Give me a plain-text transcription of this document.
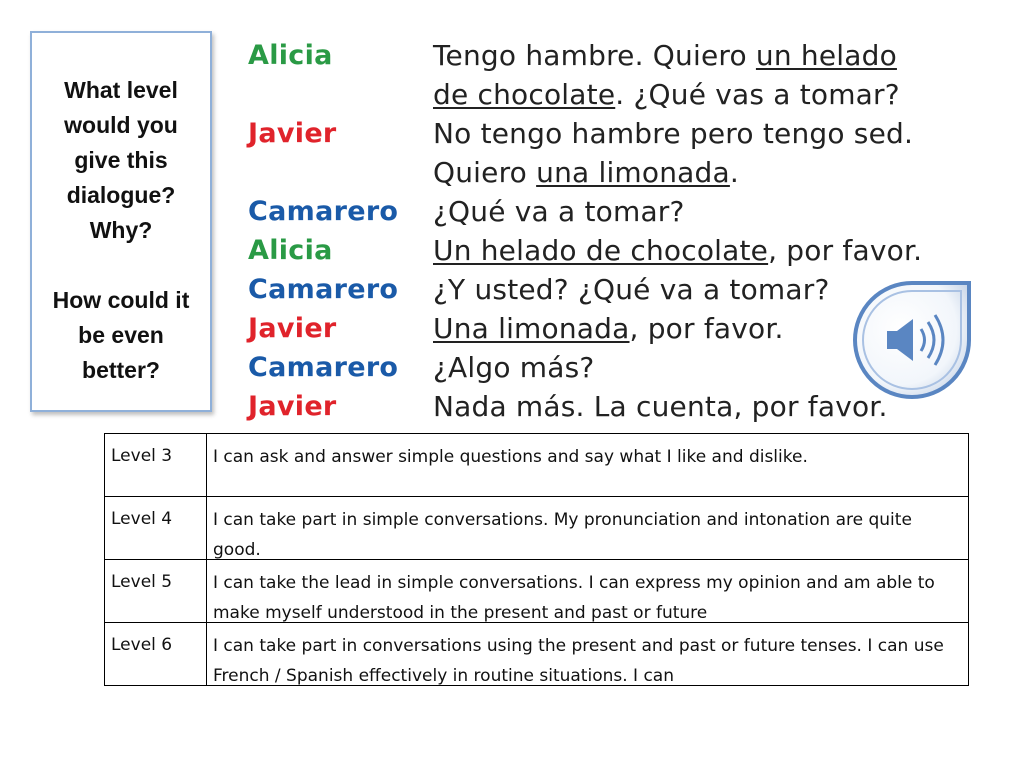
What level

would you

give this

dialogue?

Why?

How could it

be even

better?

Alicia	Tengo hambre. Quiero un helado
de chocolate. ¿Qué vas a tomar?
Javier	No tengo hambre pero tengo sed.
Quiero una limonada.
Camarero ¿Qué va a tomar?
Alicia	Un helado de chocolate, por favor.
Camarero ¿Y usted? ¿Qué va a tomar?
Javier	Una limonada, por favor.
Camarero ¿Algo más?
Javier	Nada más. La cuenta, por favor.
Level 3	I can ask and answer simple questions and say what I like and dislike.

Level 4	I can take part in simple conversations. My pronunciation and intonation are quite good.

Level 5	I can take the lead in simple conversations. I can express my opinion and am able to make myself understood in the present and past or future

Level 6	I can take part in conversations using the present and past or future tenses. I can use French / Spanish effectively in routine situations. I can
